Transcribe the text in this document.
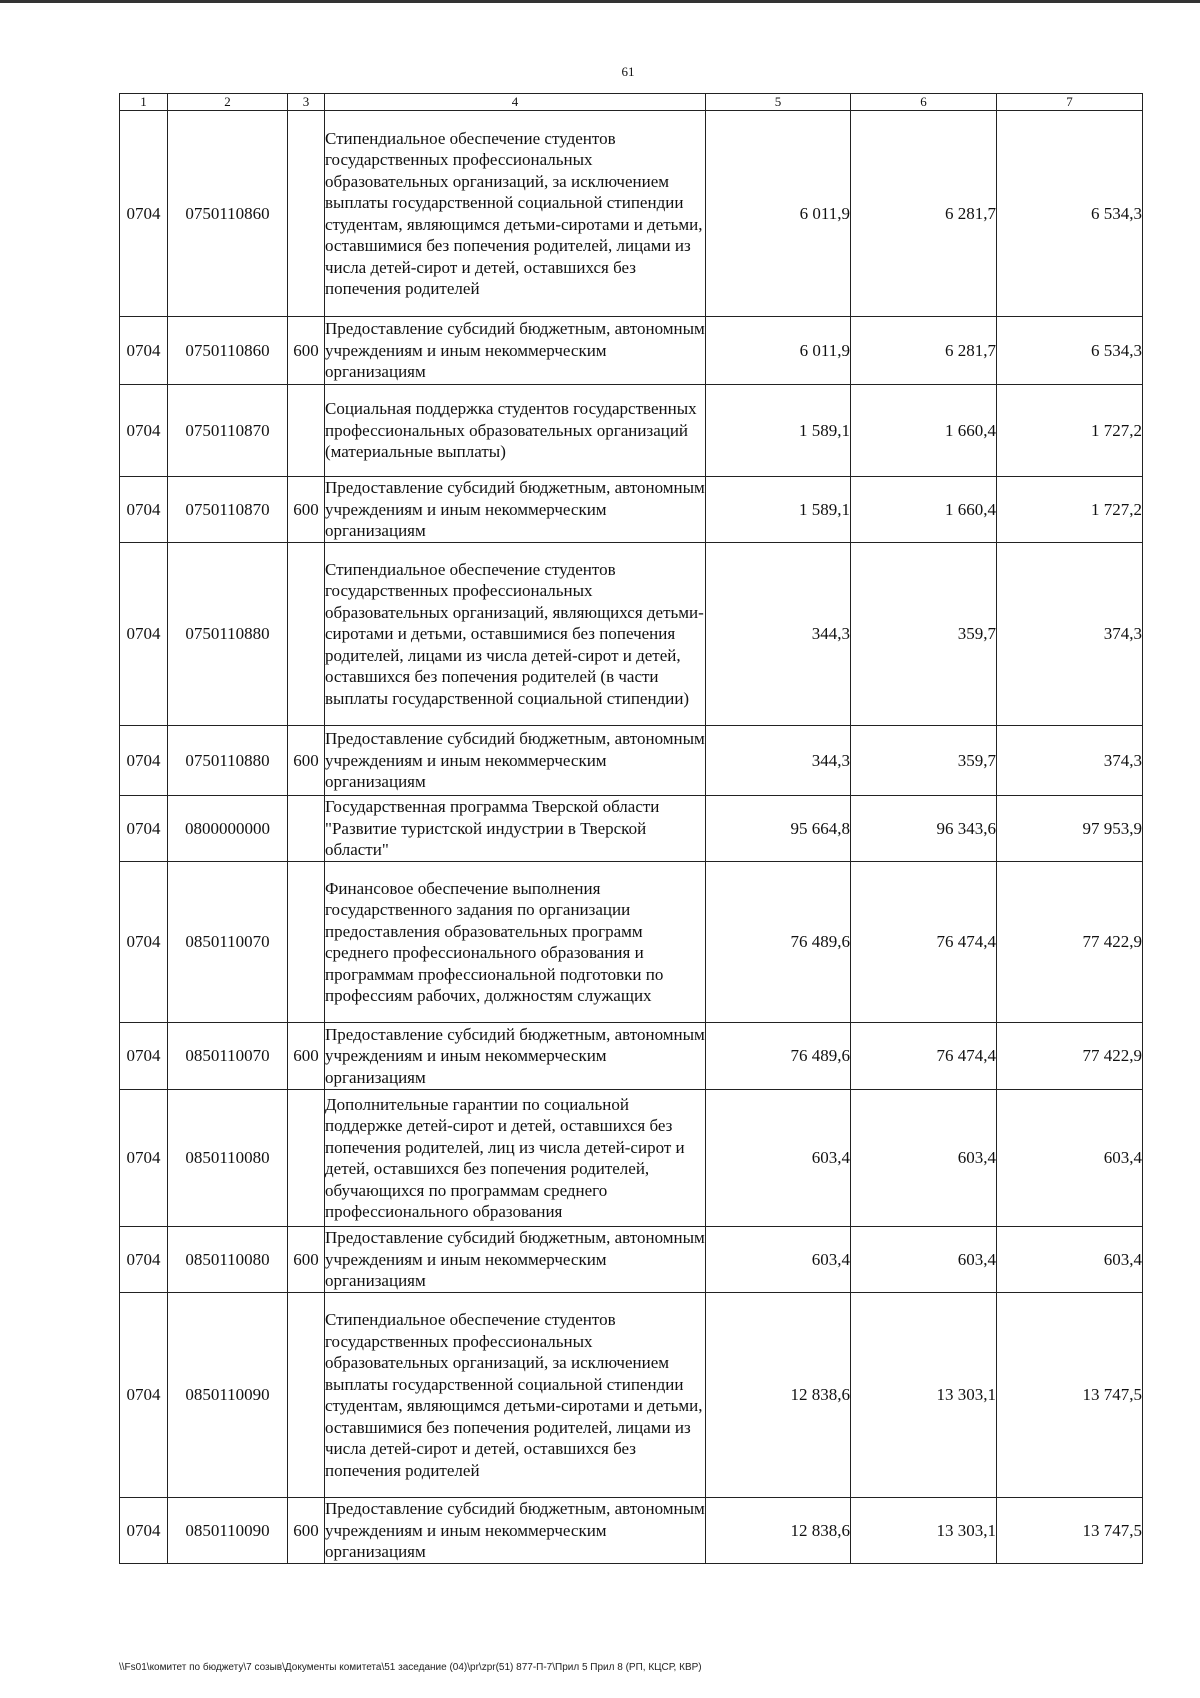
61
1	2	3	4	5	6	7
0704	0750110860		Стипендиальное обеспечение студентов государственных профессиональных образовательных организаций, за исключением выплаты государственной социальной стипендии студентам, являющимся детьми-сиротами и детьми, оставшимися без попечения родителей, лицами из числа детей-сирот и детей, оставшихся без попечения родителей	6 011,9	6 281,7	6 534,3
0704	0750110860	600	Предоставление субсидий бюджетным, автономным учреждениям и иным некоммерческим организациям	6 011,9	6 281,7	6 534,3
0704	0750110870		Социальная поддержка студентов государственных профессиональных образовательных организаций (материальные выплаты)	1 589,1	1 660,4	1 727,2
0704	0750110870	600	Предоставление субсидий бюджетным, автономным учреждениям и иным некоммерческим организациям	1 589,1	1 660,4	1 727,2
0704	0750110880		Стипендиальное обеспечение студентов государственных профессиональных образовательных организаций, являющихся детьми-сиротами и детьми, оставшимися без попечения родителей, лицами из числа детей-сирот и детей, оставшихся без попечения родителей (в части выплаты государственной социальной стипендии)	344,3	359,7	374,3
0704	0750110880	600	Предоставление субсидий бюджетным, автономным учреждениям и иным некоммерческим организациям	344,3	359,7	374,3
0704	0800000000		Государственная программа Тверской области "Развитие туристской индустрии в Тверской области"	95 664,8	96 343,6	97 953,9
0704	0850110070		Финансовое обеспечение выполнения государственного задания по организации предоставления образовательных программ среднего профессионального образования и программам профессиональной подготовки по профессиям рабочих, должностям служащих	76 489,6	76 474,4	77 422,9
0704	0850110070	600	Предоставление субсидий бюджетным, автономным учреждениям и иным некоммерческим организациям	76 489,6	76 474,4	77 422,9
0704	0850110080		Дополнительные гарантии по социальной поддержке детей-сирот и детей, оставшихся без попечения родителей, лиц из числа детей-сирот и детей, оставшихся без попечения родителей, обучающихся по программам среднего профессионального образования	603,4	603,4	603,4
0704	0850110080	600	Предоставление субсидий бюджетным, автономным учреждениям и иным некоммерческим организациям	603,4	603,4	603,4
0704	0850110090		Стипендиальное обеспечение студентов государственных профессиональных образовательных организаций, за исключением выплаты государственной социальной стипендии студентам, являющимся детьми-сиротами и детьми, оставшимися без попечения родителей, лицами из числа детей-сирот и детей, оставшихся без попечения родителей	12 838,6	13 303,1	13 747,5
0704	0850110090	600	Предоставление субсидий бюджетным, автономным учреждениям и иным некоммерческим организациям	12 838,6	13 303,1	13 747,5
\\Fs01\комитет по бюджету\7 созыв\Документы комитета\51 заседание (04)\pr\zpr(51) 877-П-7\Прил 5 Прил 8 (РП, КЦСР, КВР)
